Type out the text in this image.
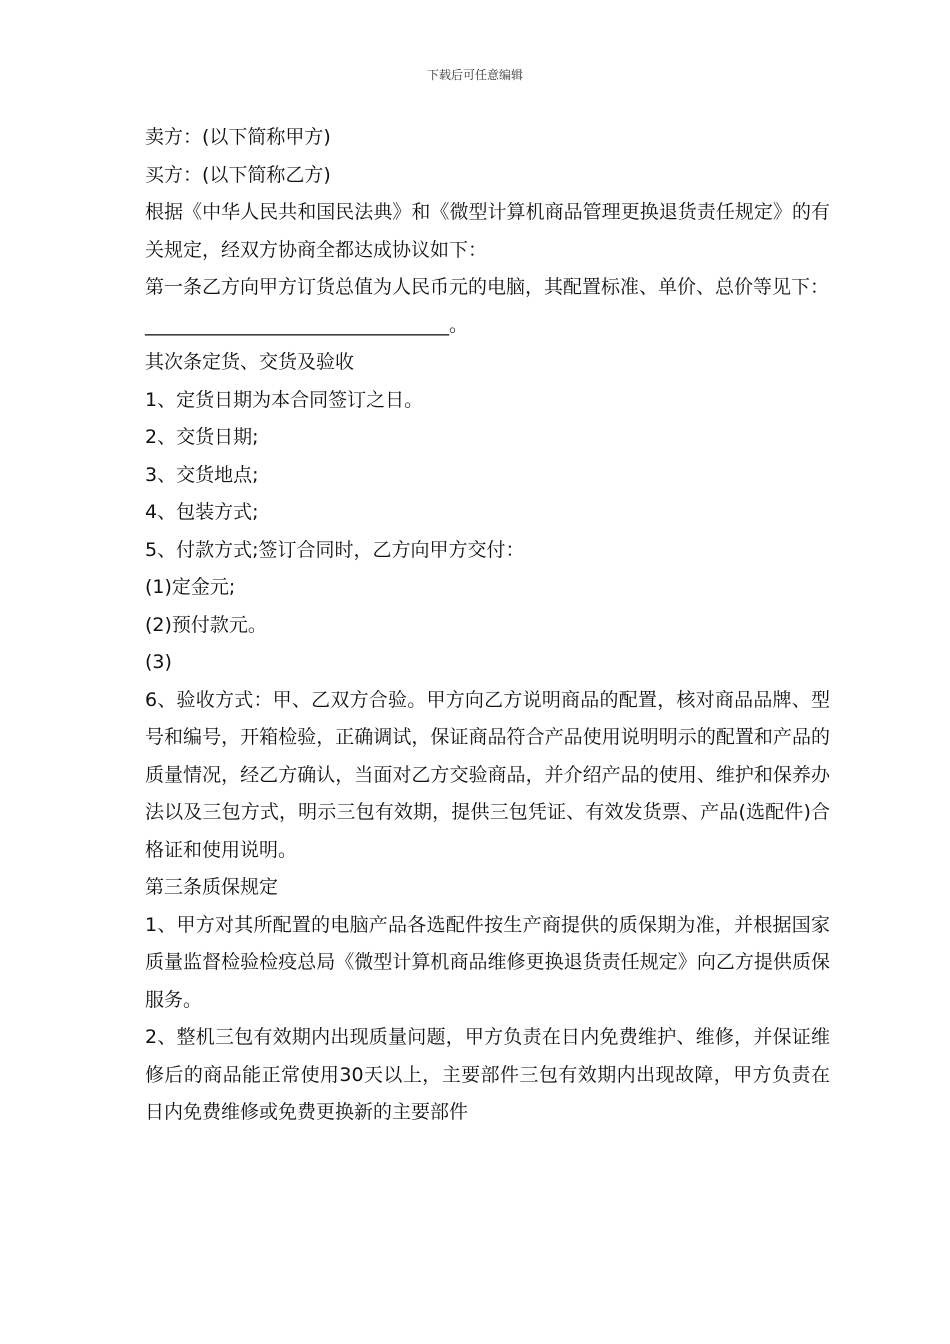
下载后可任意编辑

卖方：(以下简称甲方)

买方：(以下简称乙方)

根据《中华人民共和国民法典》和《微型计算机商品管理更换退货责任规定》的有关规定，经双方协商全都达成协议如下：

第一条乙方向甲方订货总值为人民币元的电脑，其配置标准、单价、总价等见下：

________________________________。

其次条定货、交货及验收

1、定货日期为本合同签订之日。

2、交货日期;

3、交货地点;

4、包装方式;

5、付款方式;签订合同时，乙方向甲方交付：

(1)定金元;

(2)预付款元。

(3)

6、验收方式：甲、乙双方合验。甲方向乙方说明商品的配置，核对商品品牌、型号和编号，开箱检验，正确调试，保证商品符合产品使用说明明示的配置和产品的质量情况，经乙方确认，当面对乙方交验商品，并介绍产品的使用、维护和保养办法以及三包方式，明示三包有效期，提供三包凭证、有效发货票、产品(选配件)合格证和使用说明。

第三条质保规定

1、甲方对其所配置的电脑产品各选配件按生产商提供的质保期为准，并根据国家质量监督检验检疫总局《微型计算机商品维修更换退货责任规定》向乙方提供质保服务。

2、整机三包有效期内出现质量问题，甲方负责在日内免费维护、维修，并保证维修后的商品能正常使用30天以上，主要部件三包有效期内出现故障，甲方负责在日内免费维修或免费更换新的主要部件
